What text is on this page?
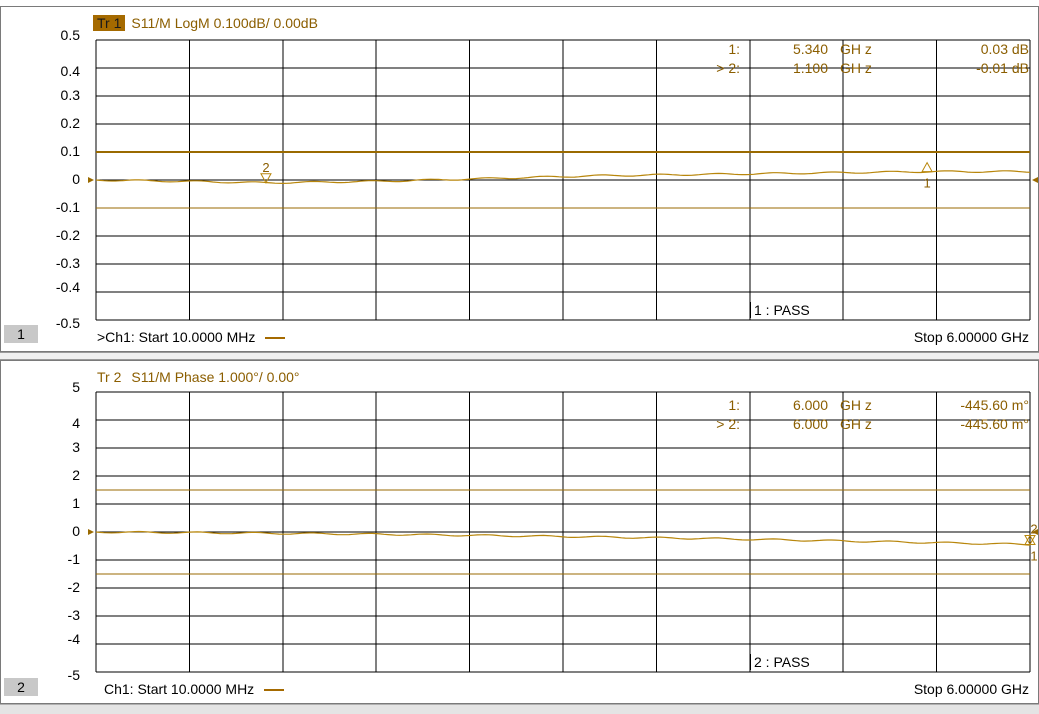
Tr 1 S11/M LogM 0.100dB/ 0.00dB
1
2
0.5
0.4
0.3
0.2
0.1
0
-0.1
-0.2
-0.3
-0.4
-0.5
1:	5.340 GH z	0.03 dB
> 2:	1.100 GH z	-0.01 dB
1 : PASS
1	>Ch1: Start 10.0000 MHz	Stop 6.00000 GHz
Tr 2 S11/M Phase 1.000°/ 0.00°
1
2
5
4
3
2
1
0
-1
-2
-3
-4
-5
1:	6.000 GH z	-445.60 m°
> 2:	6.000 GH z	-445.60 m°
2 : PASS
2	Ch1: Start 10.0000 MHz	Stop 6.00000 GHz
